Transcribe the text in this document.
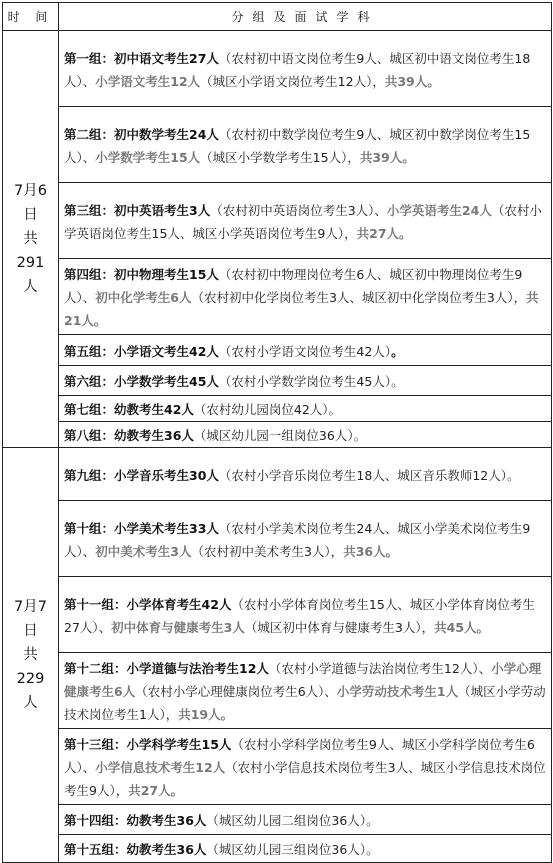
时 间	分组及面试学科

7月6
日
共
291
人	第一组：初中语文考生27人（农村初中语文岗位考生9人、城区初中语文岗位考生18人）、小学语文考生12人（城区小学语文岗位考生12人），共39人。
	第二组：初中数学考生24人（农村初中数学岗位考生9人、城区初中数学岗位考生15人）、小学数学考生15人（城区小学数学考生15人），共39人。
	第三组：初中英语考生3人（农村初中英语岗位考生3人）、小学英语考生24人（农村小学英语岗位考生15人、城区小学英语岗位考生9人），共27人。
	第四组：初中物理考生15人（农村初中物理岗位考生6人、城区初中物理岗位考生9人）、初中化学考生6人（农村初中化学岗位考生3人、城区初中化学岗位考生3人），共21人。
	第五组：小学语文考生42人（农村小学语文岗位考生42人）。
	第六组：小学数学考生45人（农村小学数学岗位考生45人）。
	第七组：幼教考生42人（农村幼儿园岗位42人）。
	第八组：幼教考生36人（城区幼儿园一组岗位36人）。

7月7
日
共
229
人	第九组：小学音乐考生30人（农村小学音乐岗位考生18人、城区音乐教师12人）。
	第十组：小学美术考生33人（农村小学美术岗位考生24人、城区小学美术岗位考生9人）、初中美术考生3人（农村初中美术考生3人），共36人。
	第十一组：小学体育考生42人（农村小学体育岗位考生15人、城区小学体育岗位考生27人）、初中体育与健康考生3人（城区初中体育与健康考生3人），共45人。
	第十二组：小学道德与法治考生12人（农村小学道德与法治岗位考生12人）、小学心理健康考生6人（农村小学心理健康岗位考生6人）、小学劳动技术考生1人（城区小学劳动技术岗位考生1人），共19人。
	第十三组：小学科学考生15人（农村小学科学岗位考生9人、城区小学科学岗位考生6人）、小学信息技术考生12人（农村小学信息技术岗位考生3人、城区小学信息技术岗位考生9人），共27人。
	第十四组：幼教考生36人（城区幼儿园二组岗位36人）。
	第十五组：幼教考生36人（城区幼儿园三组岗位36人）。
